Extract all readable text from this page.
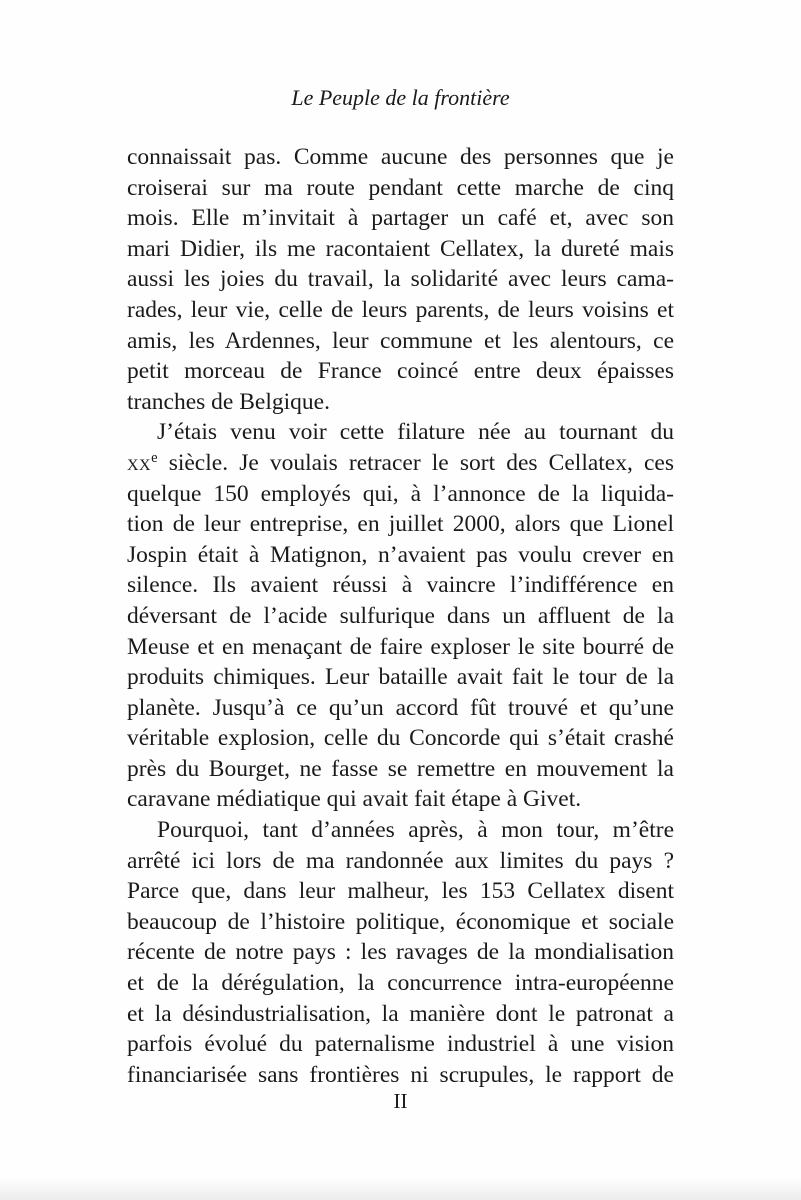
Le Peuple de la frontière
connaissait pas. Comme aucune des personnes que je
croiserai sur ma route pendant cette marche de cinq
mois. Elle m’invitait à partager un café et, avec son
mari Didier, ils me racontaient Cellatex, la dureté mais
aussi les joies du travail, la solidarité avec leurs cama-
rades, leur vie, celle de leurs parents, de leurs voisins et
amis, les Ardennes, leur commune et les alentours, ce
petit morceau de France coincé entre deux épaisses
tranches de Belgique.
J’étais venu voir cette filature née au tournant du
$xx^e$ siècle. Je voulais retracer le sort des Cellatex, ces
quelque 150 employés qui, à l’annonce de la liquida-
tion de leur entreprise, en juillet 2000, alors que Lionel
Jospin était à Matignon, n’avaient pas voulu crever en
silence. Ils avaient réussi à vaincre l’indifférence en
déversant de l’acide sulfurique dans un affluent de la
Meuse et en menaçant de faire exploser le site bourré de
produits chimiques. Leur bataille avait fait le tour de la
planète. Jusqu’à ce qu’un accord fût trouvé et qu’une
véritable explosion, celle du Concorde qui s’était crashé
près du Bourget, ne fasse se remettre en mouvement la
caravane médiatique qui avait fait étape à Givet.
Pourquoi, tant d’années après, à mon tour, m’être
arrêté ici lors de ma randonnée aux limites du pays ?
Parce que, dans leur malheur, les 153 Cellatex disent
beaucoup de l’histoire politique, économique et sociale
récente de notre pays : les ravages de la mondialisation
et de la dérégulation, la concurrence intra-européenne
et la désindustrialisation, la manière dont le patronat a
parfois évolué du paternalisme industriel à une vision
financiarisée sans frontières ni scrupules, le rapport de
II
